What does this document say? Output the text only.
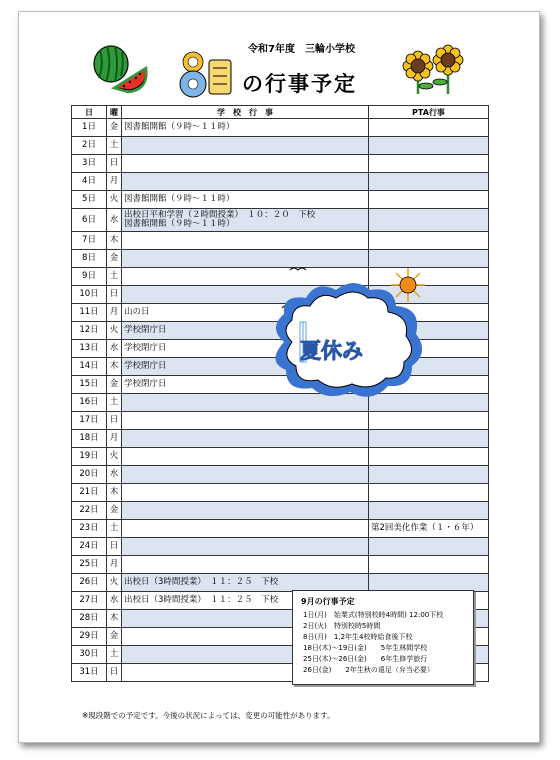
の行事予定
令和7年度　三輪小学校
日	曜	学　校　行　事	PTA行事
1日	金	図書館開館（９時～１１時）	
2日	土		
3日	日		
4日	月		
5日	火	図書館開館（９時～１１時）	
6日	水	出校日平和学習（２時間授業）　１０：２０　下校
図書館開館（９時～１１時）	

7日	木		
8日	金		
9日	土		
10日	日		
11日	月	山の日	
12日	火	学校閉庁日	
13日	水	学校閉庁日	
14日	木	学校閉庁日	
15日	金	学校閉庁日	
16日	土		
17日	日		
18日	月		
19日	火		
20日	水		
21日	木		
22日	金		
23日	土		第2回美化作業（１・６年）
24日	日		
25日	月		
26日	火	出校日（3時間授業）　１１：２５　下校	
27日	水	出校日（3時間授業）　１１：２５　下校	
28日	木		
29日	金		
30日	土		
31日	日		
夏休み
9月の行事予定
1日(月)　始業式(特別校時4時間) 12:00下校
2日(火)　特別校時5時間
8日(月)　1,2年生4校時給食後下校
18日(木)～19日(金)　　5年生林間学校
25日(木)～26日(金)　　6年生修学旅行
26日(金)　　2年生秋の遠足（弁当必要）
※現段階での予定です。今後の状況によっては、変更の可能性があります。
